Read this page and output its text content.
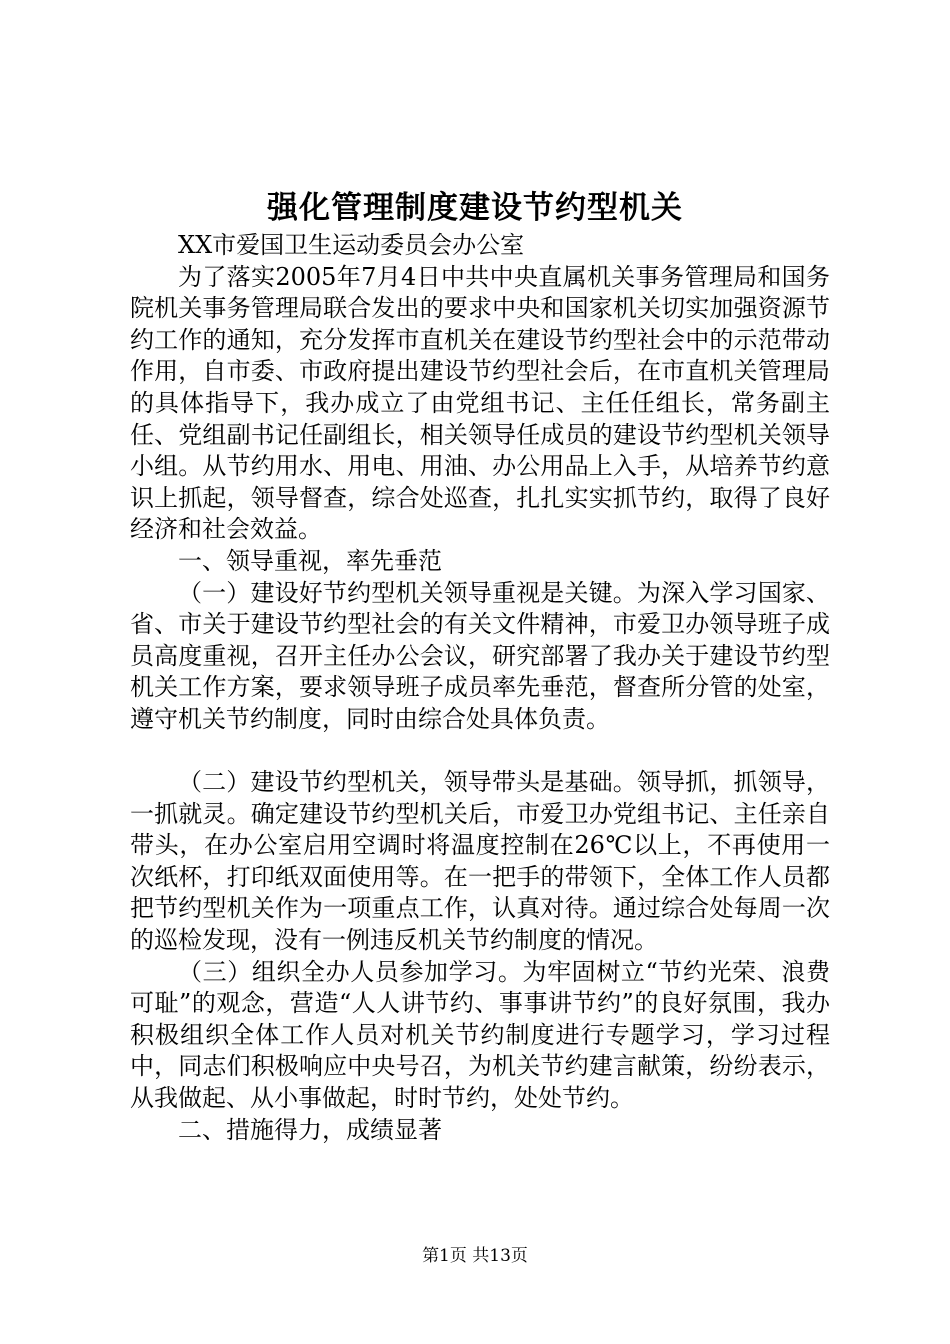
强化管理制度建设节约型机关

XX市爱国卫生运动委员会办公室

为了落实2005年7月4日中共中央直属机关事务管理局和国务院机关事务管理局联合发出的要求中央和国家机关切实加强资源节约工作的通知，充分发挥市直机关在建设节约型社会中的示范带动作用，自市委、市政府提出建设节约型社会后，在市直机关管理局的具体指导下，我办成立了由党组书记、主任任组长，常务副主任、党组副书记任副组长，相关领导任成员的建设节约型机关领导小组。从节约用水、用电、用油、办公用品上入手，从培养节约意识上抓起，领导督查，综合处巡查，扎扎实实抓节约，取得了良好经济和社会效益。

一、领导重视，率先垂范

（一）建设好节约型机关领导重视是关键。为深入学习国家、省、市关于建设节约型社会的有关文件精神，市爱卫办领导班子成员高度重视，召开主任办公会议，研究部署了我办关于建设节约型机关工作方案，要求领导班子成员率先垂范，督查所分管的处室，遵守机关节约制度，同时由综合处具体负责。

（二）建设节约型机关，领导带头是基础。领导抓，抓领导，一抓就灵。确定建设节约型机关后，市爱卫办党组书记、主任亲自带头，在办公室启用空调时将温度控制在26℃以上，不再使用一次纸杯，打印纸双面使用等。在一把手的带领下，全体工作人员都把节约型机关作为一项重点工作，认真对待。通过综合处每周一次的巡检发现，没有一例违反机关节约制度的情况。

（三）组织全办人员参加学习。为牢固树立“节约光荣、浪费可耻”的观念，营造“人人讲节约、事事讲节约”的良好氛围，我办积极组织全体工作人员对机关节约制度进行专题学习，学习过程中，同志们积极响应中央号召，为机关节约建言献策，纷纷表示，从我做起、从小事做起，时时节约，处处节约。

二、措施得力，成绩显著

第1页 共13页
